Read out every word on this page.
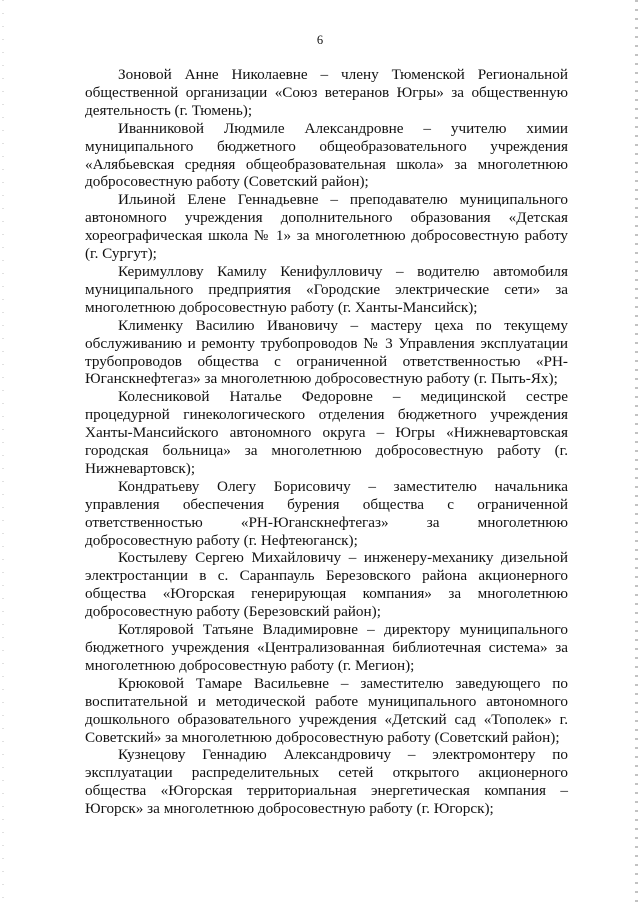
6

Зоновой Анне Николаевне – члену Тюменской Региональной общественной организации «Союз ветеранов Югры» за общественную деятельность (г. Тюмень);

Иванниковой Людмиле Александровне – учителю химии муниципального бюджетного общеобразовательного учреждения «Алябьевская средняя общеобразовательная школа» за многолетнюю добросовестную работу (Советский район);

Ильиной Елене Геннадьевне – преподавателю муниципального автономного учреждения дополнительного образования «Детская хореографическая школа № 1» за многолетнюю добросовестную работу (г. Сургут);

Керимуллову Камилу Кенифулловичу – водителю автомобиля муниципального предприятия «Городские электрические сети» за многолетнюю добросовестную работу (г. Ханты-Мансийск);

Клименку Василию Ивановичу – мастеру цеха по текущему обслуживанию и ремонту трубопроводов № 3 Управления эксплуатации трубопроводов общества с ограниченной ответственностью «РН-Юганскнефтегаз» за многолетнюю добросовестную работу (г. Пыть-Ях);

Колесниковой Наталье Федоровне – медицинской сестре процедурной гинекологического отделения бюджетного учреждения Ханты-Мансийского автономного округа – Югры «Нижневартовская городская больница» за многолетнюю добросовестную работу (г. Нижневартовск);

Кондратьеву Олегу Борисовичу – заместителю начальника управления обеспечения бурения общества с ограниченной ответственностью «РН-Юганскнефтегаз» за многолетнюю добросовестную работу (г. Нефтеюганск);

Костылеву Сергею Михайловичу – инженеру-механику дизельной электростанции в с. Саранпауль Березовского района акционерного общества «Югорская генерирующая компания» за многолетнюю добросовестную работу (Березовский район);

Котляровой Татьяне Владимировне – директору муниципального бюджетного учреждения «Централизованная библиотечная система» за многолетнюю добросовестную работу (г. Мегион);

Крюковой Тамаре Васильевне – заместителю заведующего по воспитательной и методической работе муниципального автономного дошкольного образовательного учреждения «Детский сад «Тополек» г. Советский» за многолетнюю добросовестную работу (Советский район);

Кузнецову Геннадию Александровичу – электромонтеру по эксплуатации распределительных сетей открытого акционерного общества «Югорская территориальная энергетическая компания – Югорск» за многолетнюю добросовестную работу (г. Югорск);
